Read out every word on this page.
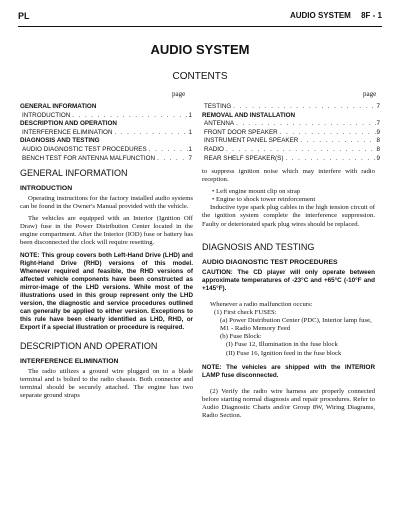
PL	AUDIO SYSTEM 8F - 1
AUDIO SYSTEM
CONTENTS
page	page
GENERAL INFORMATION
INTRODUCTION . . .	1
DESCRIPTION AND OPERATION
INTERFERENCE ELIMINATION . . .	1
DIAGNOSIS AND TESTING
AUDIO DIAGNOSTIC TEST PROCEDURES . . .	1
BENCH TEST FOR ANTENNA MALFUNCTION . . .	7
TESTING . . .	7
REMOVAL AND INSTALLATION
ANTENNA . . .	7
FRONT DOOR SPEAKER . . .	9
INSTRUMENT PANEL SPEAKER . . .	8
RADIO . . .	8
REAR SHELF SPEAKER(S) . . .	9
GENERAL INFORMATION
INTRODUCTION

Operating instructions for the factory installed audio systems can be found in the Owner's Manual provided with the vehicle.

The vehicles are equipped with an Interior (Ignition Off Draw) fuse in the Power Distribution Center located in the engine compartment. After the Interior (IOD) fuse or battery has been disconnected the clock will require resetting.

NOTE: This group covers both Left-Hand Drive (LHD) and Right-Hand Drive (RHD) versions of this model. Whenever required and feasible, the RHD versions of affected vehicle components have been constructed as mirror-image of the LHD versions. While most of the illustrations used in this group represent only the LHD version, the diagnostic and service procedures outlined can generally be applied to either version. Exceptions to this rule have been clearly identified as LHD, RHD, or Export if a special illustration or procedure is required.

DESCRIPTION AND OPERATION
INTERFERENCE ELIMINATION

The radio utilizes a ground wire plugged on to a blade terminal and is bolted to the radio chassis. Both connector and terminal should be securely attached. The engine has two separate ground straps

to suppress ignition noise which may interfere with radio reception.

• Left engine mount clip on strap
• Engine to shock tower reinforcement

Inductive type spark plug cables in the high tension circuit of the ignition system complete the interference suppression. Faulty or deteriorated spark plug wires should be replaced.

DIAGNOSIS AND TESTING
AUDIO DIAGNOSTIC TEST PROCEDURES

CAUTION: The CD player will only operate between approximate temperatures of -23°C and +65°C (-10°F and +145°F).

Whenever a radio malfunction occurs:
(1) First check FUSES:
(a) Power Distribution Center (PDC), Interior lamp fuse, M1 - Radio Memory Feed
(b) Fuse Block:
(I) Fuse 12, Illumination in the fuse block
(II) Fuse 16, Ignition feed in the fuse block

NOTE: The vehicles are shipped with the INTERIOR LAMP fuse disconnected.

(2) Verify the radio wire harness are properly connected before starting normal diagnosis and repair procedures. Refer to Audio Diagnostic Charts and/or Group 8W, Wiring Diagrams, Radio Section.
